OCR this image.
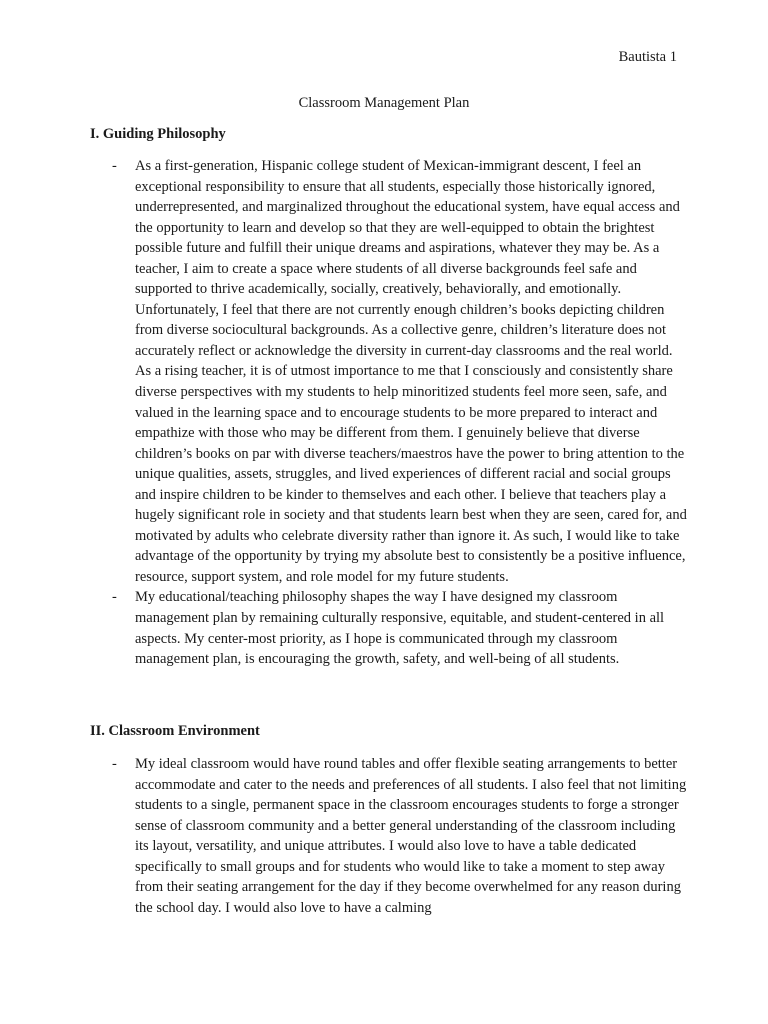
Bautista 1
Classroom Management Plan
I. Guiding Philosophy
- As a first-generation, Hispanic college student of Mexican-immigrant descent, I feel an exceptional responsibility to ensure that all students, especially those historically ignored, underrepresented, and marginalized throughout the educational system, have equal access and the opportunity to learn and develop so that they are well-equipped to obtain the brightest possible future and fulfill their unique dreams and aspirations, whatever they may be. As a teacher, I aim to create a space where students of all diverse backgrounds feel safe and supported to thrive academically, socially, creatively, behaviorally, and emotionally. Unfortunately, I feel that there are not currently enough children’s books depicting children from diverse sociocultural backgrounds. As a collective genre, children’s literature does not accurately reflect or acknowledge the diversity in current-day classrooms and the real world. As a rising teacher, it is of utmost importance to me that I consciously and consistently share diverse perspectives with my students to help minoritized students feel more seen, safe, and valued in the learning space and to encourage students to be more prepared to interact and empathize with those who may be different from them. I genuinely believe that diverse children’s books on par with diverse teachers/maestros have the power to bring attention to the unique qualities, assets, struggles, and lived experiences of different racial and social groups and inspire children to be kinder to themselves and each other. I believe that teachers play a hugely significant role in society and that students learn best when they are seen, cared for, and motivated by adults who celebrate diversity rather than ignore it. As such, I would like to take advantage of the opportunity by trying my absolute best to consistently be a positive influence, resource, support system, and role model for my future students.
- My educational/teaching philosophy shapes the way I have designed my classroom management plan by remaining culturally responsive, equitable, and student-centered in all aspects. My center-most priority, as I hope is communicated through my classroom management plan, is encouraging the growth, safety, and well-being of all students.
II. Classroom Environment
- My ideal classroom would have round tables and offer flexible seating arrangements to better accommodate and cater to the needs and preferences of all students. I also feel that not limiting students to a single, permanent space in the classroom encourages students to forge a stronger sense of classroom community and a better general understanding of the classroom including its layout, versatility, and unique attributes. I would also love to have a table dedicated specifically to small groups and for students who would like to take a moment to step away from their seating arrangement for the day if they become overwhelmed for any reason during the school day. I would also love to have a calming
